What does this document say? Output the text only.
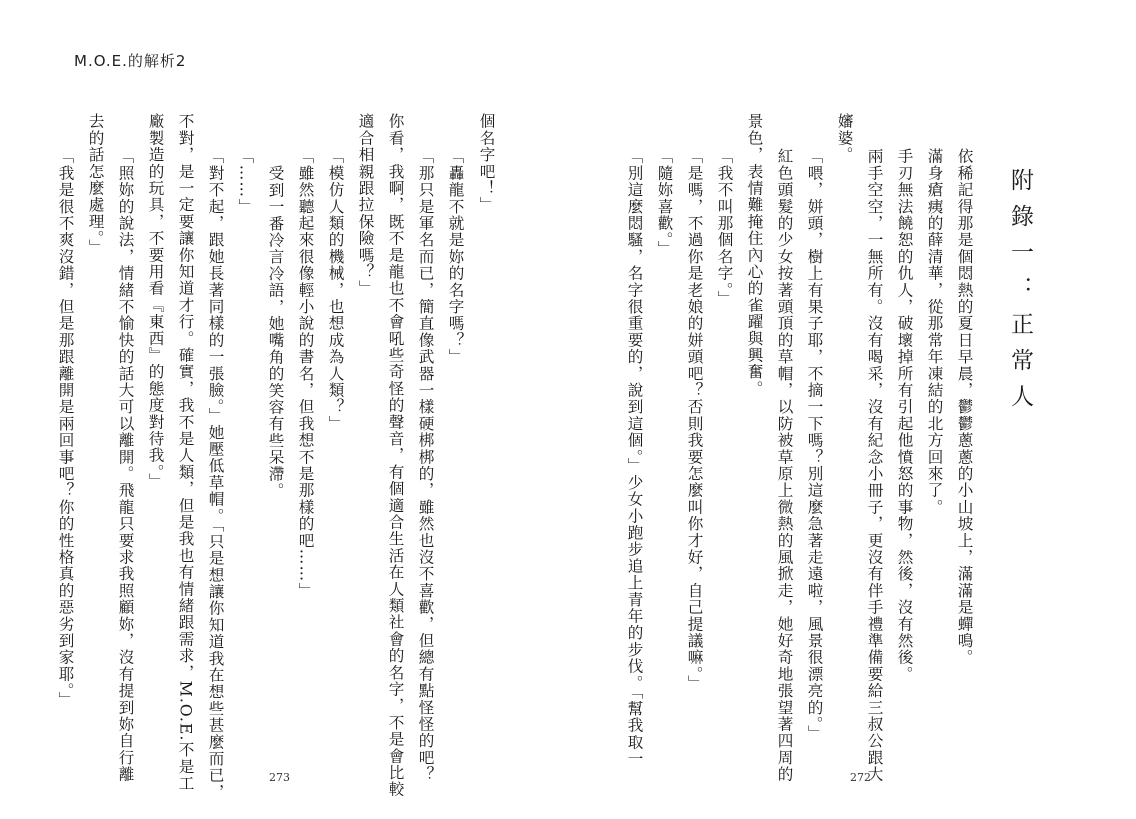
M.O.E.的解析2
個名字吧！」
「轟龍不就是妳的名字嗎？」
「那只是軍名而已，簡直像武器一樣硬梆梆的，雖然也沒不喜歡，但總有點怪怪的吧？
你看，我啊，既不是龍也不會吼些奇怪的聲音，有個適合生活在人類社會的名字，不是會比較
適合相親跟拉保險嗎？」
「模仿人類的機械，也想成為人類？」
「雖然聽起來很像輕小說的書名，但我想不是那樣的吧……」
受到一番冷言冷語，她嘴角的笑容有些呆滯。
「……」
「對不起，跟她長著同樣的一張臉。」她壓低草帽。「只是想讓你知道我在想些甚麼而已，
不對，是一定要讓你知道才行。確實，我不是人類，但是我也有情緒跟需求，M.O.E.不是工
廠製造的玩具，不要用看『東西』的態度對待我。」
「照妳的說法，情緒不愉快的話大可以離開。飛龍只要求我照顧妳，沒有提到妳自行離
去的話怎麼處理。」
「我是很不爽沒錯，但是那跟離開是兩回事吧？你的性格真的惡劣到家耶。」
273
附錄一：正常人
依稀記得那是個悶熱的夏日早晨，鬱鬱蔥蔥的小山坡上，滿滿是蟬鳴。
滿身瘡痍的薛清華，從那常年凍結的北方回來了。
手刃無法饒恕的仇人，破壞掉所有引起他憤怒的事物，然後，沒有然後。
兩手空空，一無所有。沒有喝采，沒有紀念小冊子，更沒有伴手禮準備要給三叔公跟大
嬸婆。
「喂，姘頭，樹上有果子耶，不摘一下嗎？別這麼急著走遠啦，風景很漂亮的。」
紅色頭髮的少女按著頭頂的草帽，以防被草原上微熱的風掀走，她好奇地張望著四周的
景色，表情難掩住內心的雀躍與興奮。
「我不叫那個名字。」
「是嗎，不過你是老娘的姘頭吧？否則我要怎麼叫你才好，自己提議嘛。」
「隨妳喜歡。」
「別這麼悶騷，名字很重要的，說到這個。」少女小跑步追上青年的步伐。「幫我取一
272
